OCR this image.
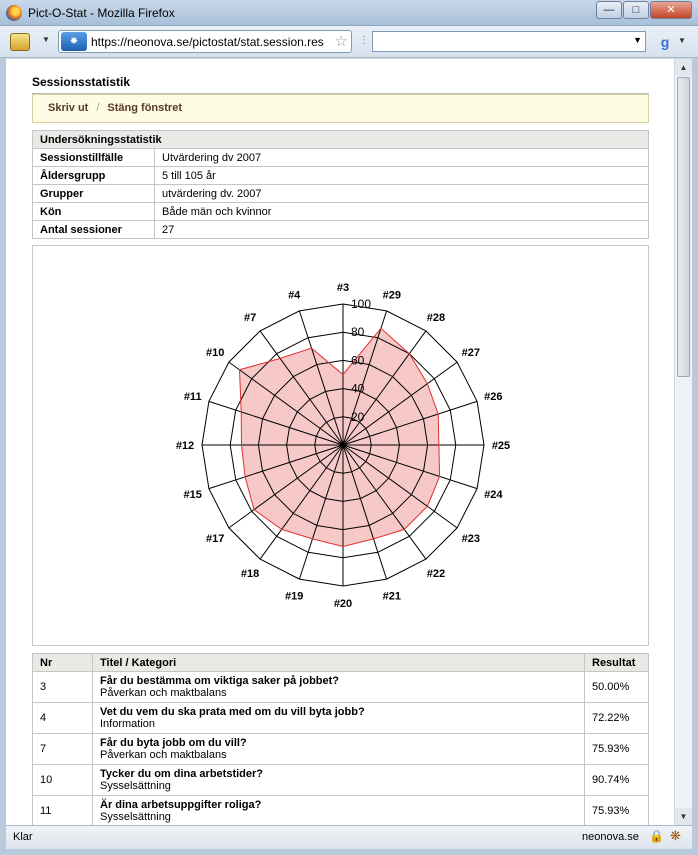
Pict-O-Stat - Mozilla Firefox	—	□	✕
▼	✸	https://neonova.se/pictostat/stat.session.res ☆ ⋮	▼	g	▼
Sessionsstatistik
Skriv ut / Stäng fönstret
Undersökningsstatistik	
Sessionstillfälle	Utvärdering dv 2007
Åldersgrupp	5 till 105 år
Grupper	utvärdering dv. 2007
Kön	Både män och kvinnor
Antal sessioner	27
20
40
60
80
100
#3
#29
#28
#27
#26
#25
#24
#23
#22
#21
#20
#19
#18
#17
#15
#12
#11
#10
#7
#4
Nr	Titel / Kategori	Resultat
3	Får du bestämma om viktiga saker på jobbet?
Påverkan och maktbalans	50.00%
4	Vet du vem du ska prata med om du vill byta jobb?
Information	72.22%
7	Får du byta jobb om du vill?
Påverkan och maktbalans	75.93%
10	Tycker du om dina arbetstider?
Sysselsättning	90.74%
11	Är dina arbetsuppgifter roliga?
Sysselsättning	75.93%
▲
▼
Klar	neonova.se 🔒 ❋
